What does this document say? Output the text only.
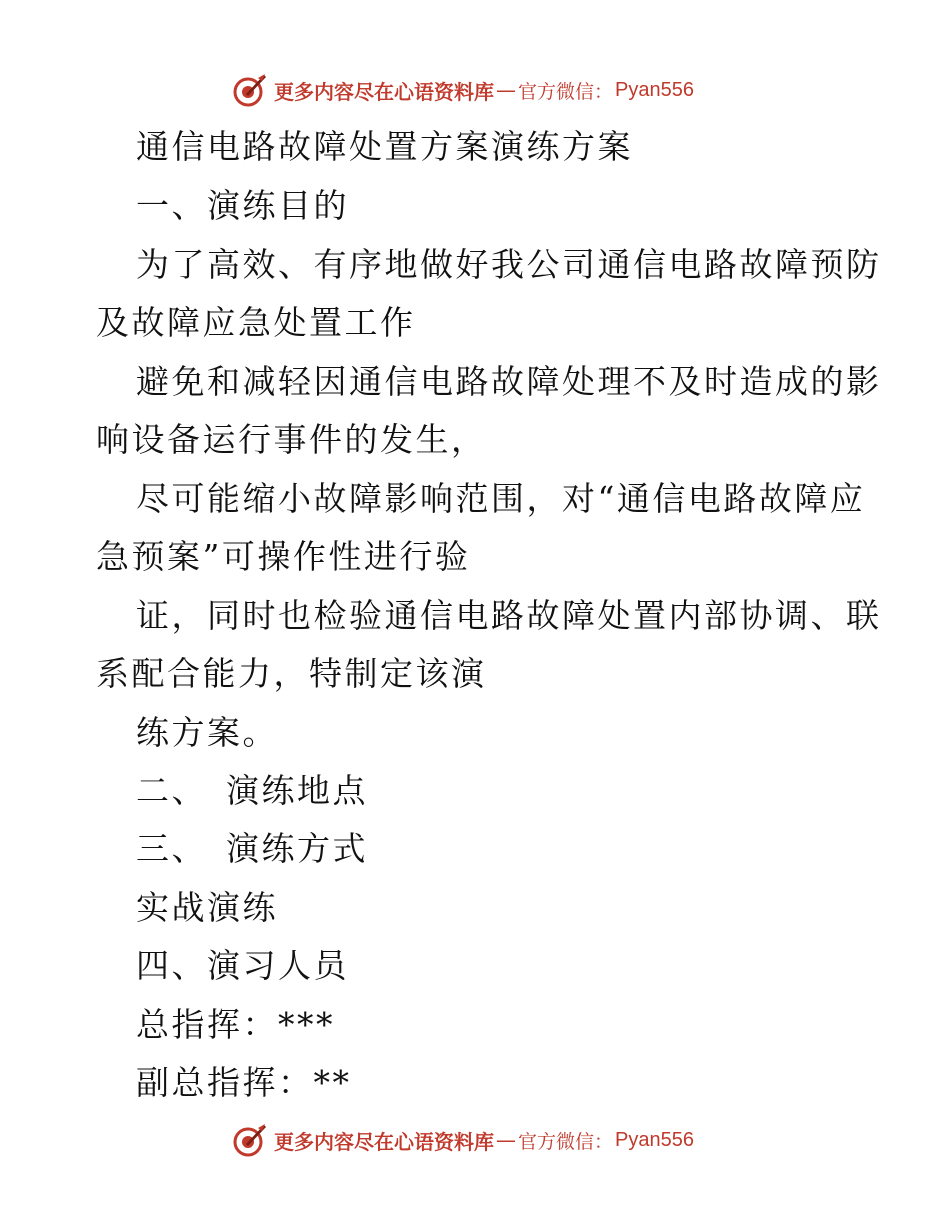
更多内容尽在心语资料库 — 官方微信： Pyan556
通信电路故障处置方案演练方案

一、演练目的

为了高效、有序地做好我公司通信电路故障预防

及故障应急处置工作

避免和减轻因通信电路故障处理不及时造成的影

响设备运行事件的发生，

尽可能缩小故障影响范围，对“通信电路故障应

急预案”可操作性进行验

证，同时也检验通信电路故障处置内部协调、联

系配合能力，特制定该演

练方案。

二、　演练地点

三、　演练方式

实战演练

四、演习人员

总指挥：***

副总指挥：**

更多内容尽在心语资料库 — 官方微信： Pyan556
